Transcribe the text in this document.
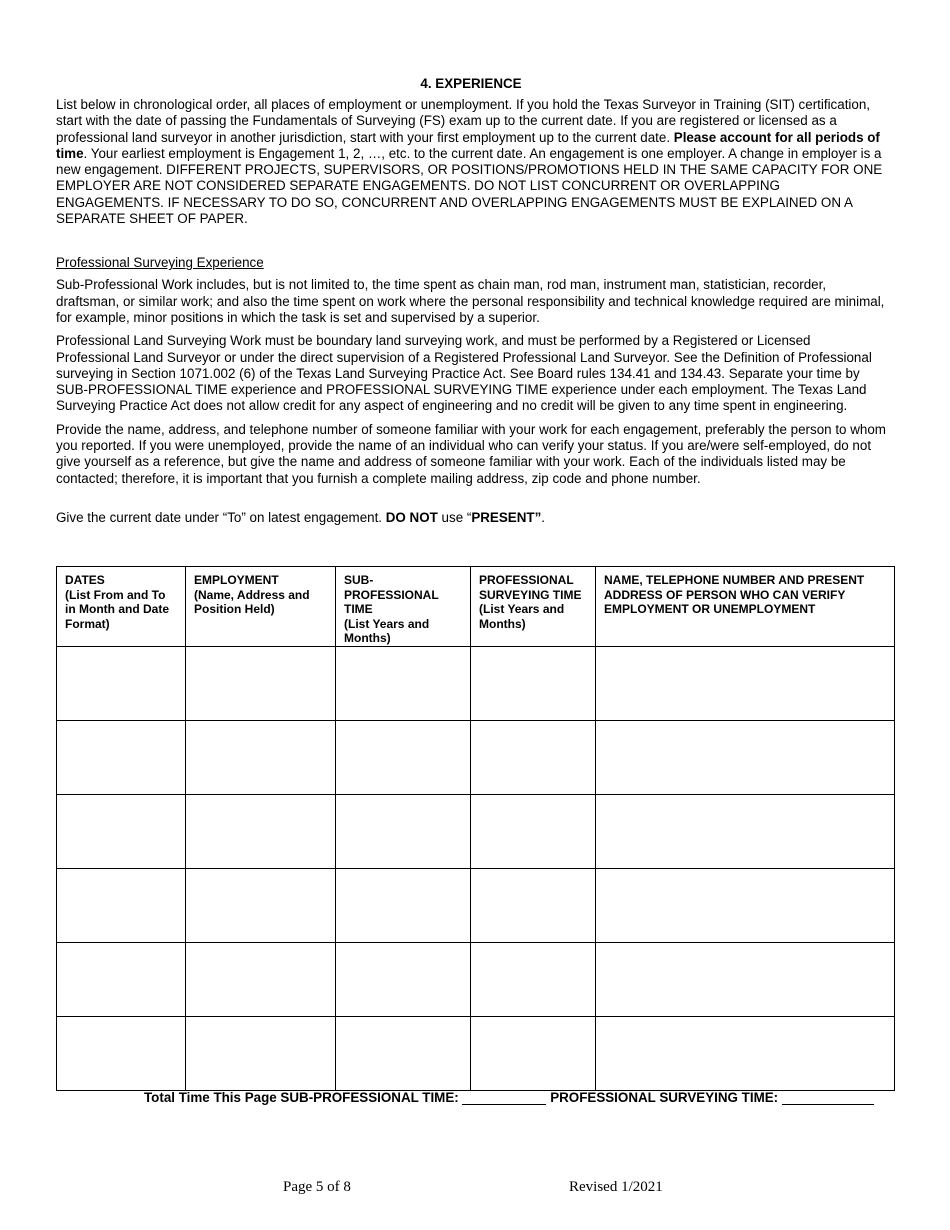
4. EXPERIENCE

List below in chronological order, all places of employment or unemployment. If you hold the Texas Surveyor in Training (SIT) certification, start with the date of passing the Fundamentals of Surveying (FS) exam up to the current date. If you are registered or licensed as a professional land surveyor in another jurisdiction, start with your first employment up to the current date. Please account for all periods of time. Your earliest employment is Engagement 1, 2, …, etc. to the current date. An engagement is one employer. A change in employer is a new engagement. DIFFERENT PROJECTS, SUPERVISORS, OR POSITIONS/PROMOTIONS HELD IN THE SAME CAPACITY FOR ONE EMPLOYER ARE NOT CONSIDERED SEPARATE ENGAGEMENTS. DO NOT LIST CONCURRENT OR OVERLAPPING ENGAGEMENTS. IF NECESSARY TO DO SO, CONCURRENT AND OVERLAPPING ENGAGEMENTS MUST BE EXPLAINED ON A SEPARATE SHEET OF PAPER.

Professional Surveying Experience

Sub-Professional Work includes, but is not limited to, the time spent as chain man, rod man, instrument man, statistician, recorder, draftsman, or similar work; and also the time spent on work where the personal responsibility and technical knowledge required are minimal, for example, minor positions in which the task is set and supervised by a superior.

Professional Land Surveying Work must be boundary land surveying work, and must be performed by a Registered or Licensed Professional Land Surveyor or under the direct supervision of a Registered Professional Land Surveyor. See the Definition of Professional surveying in Section 1071.002 (6) of the Texas Land Surveying Practice Act. See Board rules 134.41 and 134.43. Separate your time by SUB-PROFESSIONAL TIME experience and PROFESSIONAL SURVEYING TIME experience under each employment. The Texas Land Surveying Practice Act does not allow credit for any aspect of engineering and no credit will be given to any time spent in engineering.

Provide the name, address, and telephone number of someone familiar with your work for each engagement, preferably the person to whom you reported. If you were unemployed, provide the name of an individual who can verify your status. If you are/were self-employed, do not give yourself as a reference, but give the name and address of someone familiar with your work. Each of the individuals listed may be contacted; therefore, it is important that you furnish a complete mailing address, zip code and phone number.

Give the current date under “To” on latest engagement. DO NOT use “PRESENT”.

DATES
(List From and To in Month and Date Format)	EMPLOYMENT
(Name, Address and Position Held)	SUB-
PROFESSIONAL TIME
(List Years and Months)	PROFESSIONAL SURVEYING TIME
(List Years and Months)	NAME, TELEPHONE NUMBER AND PRESENT ADDRESS OF PERSON WHO CAN VERIFY EMPLOYMENT OR UNEMPLOYMENT

Total Time This Page SUB-PROFESSIONAL TIME:	PROFESSIONAL SURVEYING TIME:
Page 5 of 8	Revised 1/2021
